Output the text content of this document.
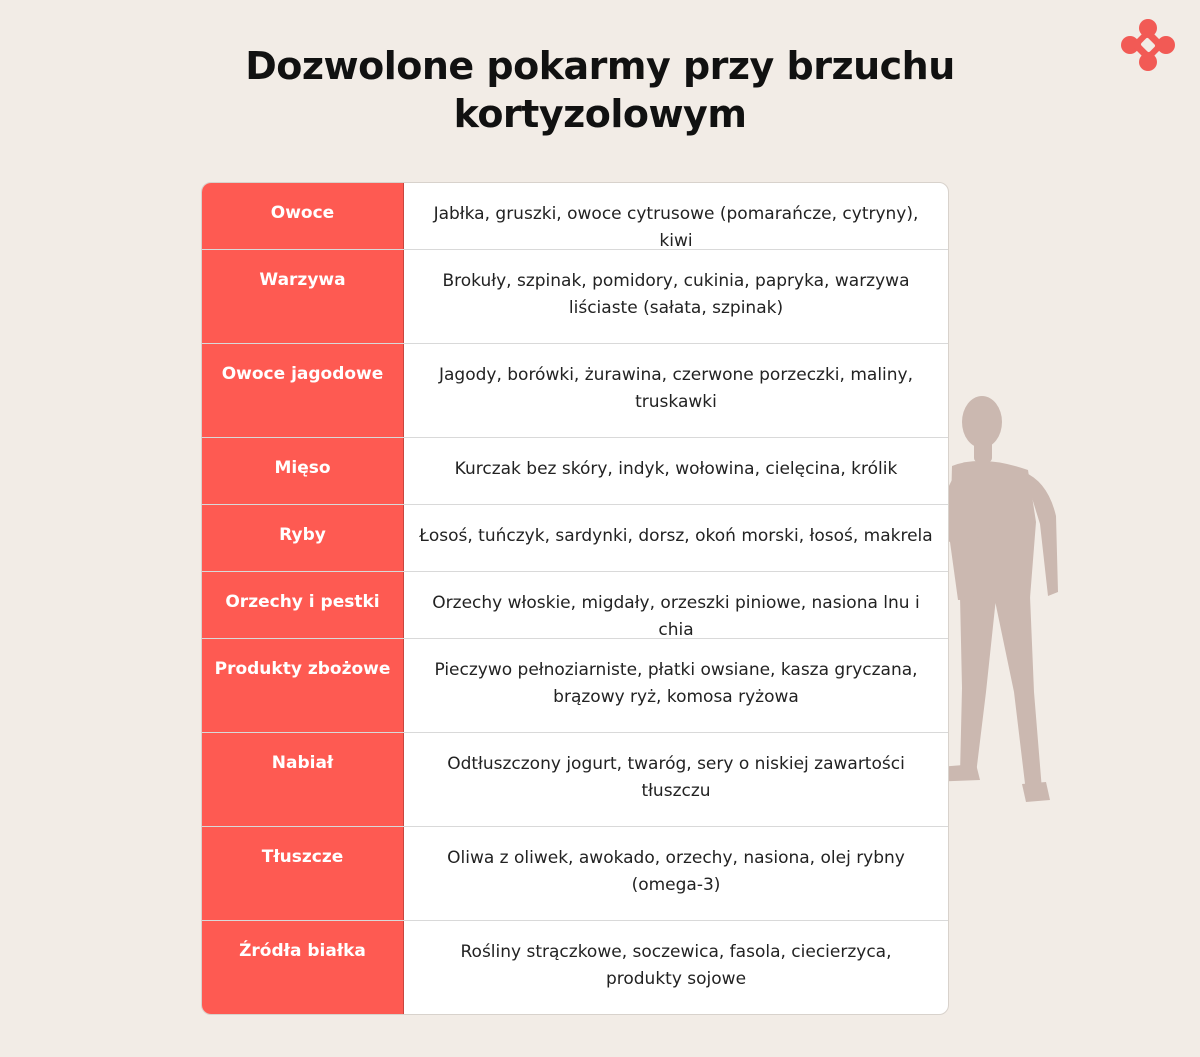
Dozwolone pokarmy przy brzuchu
kortyzolowym
Owoce	Jabłka, gruszki, owoce cytrusowe (pomarańcze, cytryny), kiwi
Warzywa	Brokuły, szpinak, pomidory, cukinia, papryka, warzywa liściaste (sałata, szpinak)
Owoce jagodowe	Jagody, borówki, żurawina, czerwone porzeczki, maliny, truskawki
Mięso	Kurczak bez skóry, indyk, wołowina, cielęcina, królik
Ryby	Łosoś, tuńczyk, sardynki, dorsz, okoń morski, łosoś, makrela
Orzechy i pestki	Orzechy włoskie, migdały, orzeszki piniowe, nasiona lnu i chia
Produkty zbożowe	Pieczywo pełnoziarniste, płatki owsiane, kasza gryczana, brązowy ryż, komosa ryżowa
Nabiał	Odtłuszczony jogurt, twaróg, sery o niskiej zawartości tłuszczu
Tłuszcze	Oliwa z oliwek, awokado, orzechy, nasiona, olej rybny (omega-3)
Źródła białka	Rośliny strączkowe, soczewica, fasola, ciecierzyca, produkty sojowe
